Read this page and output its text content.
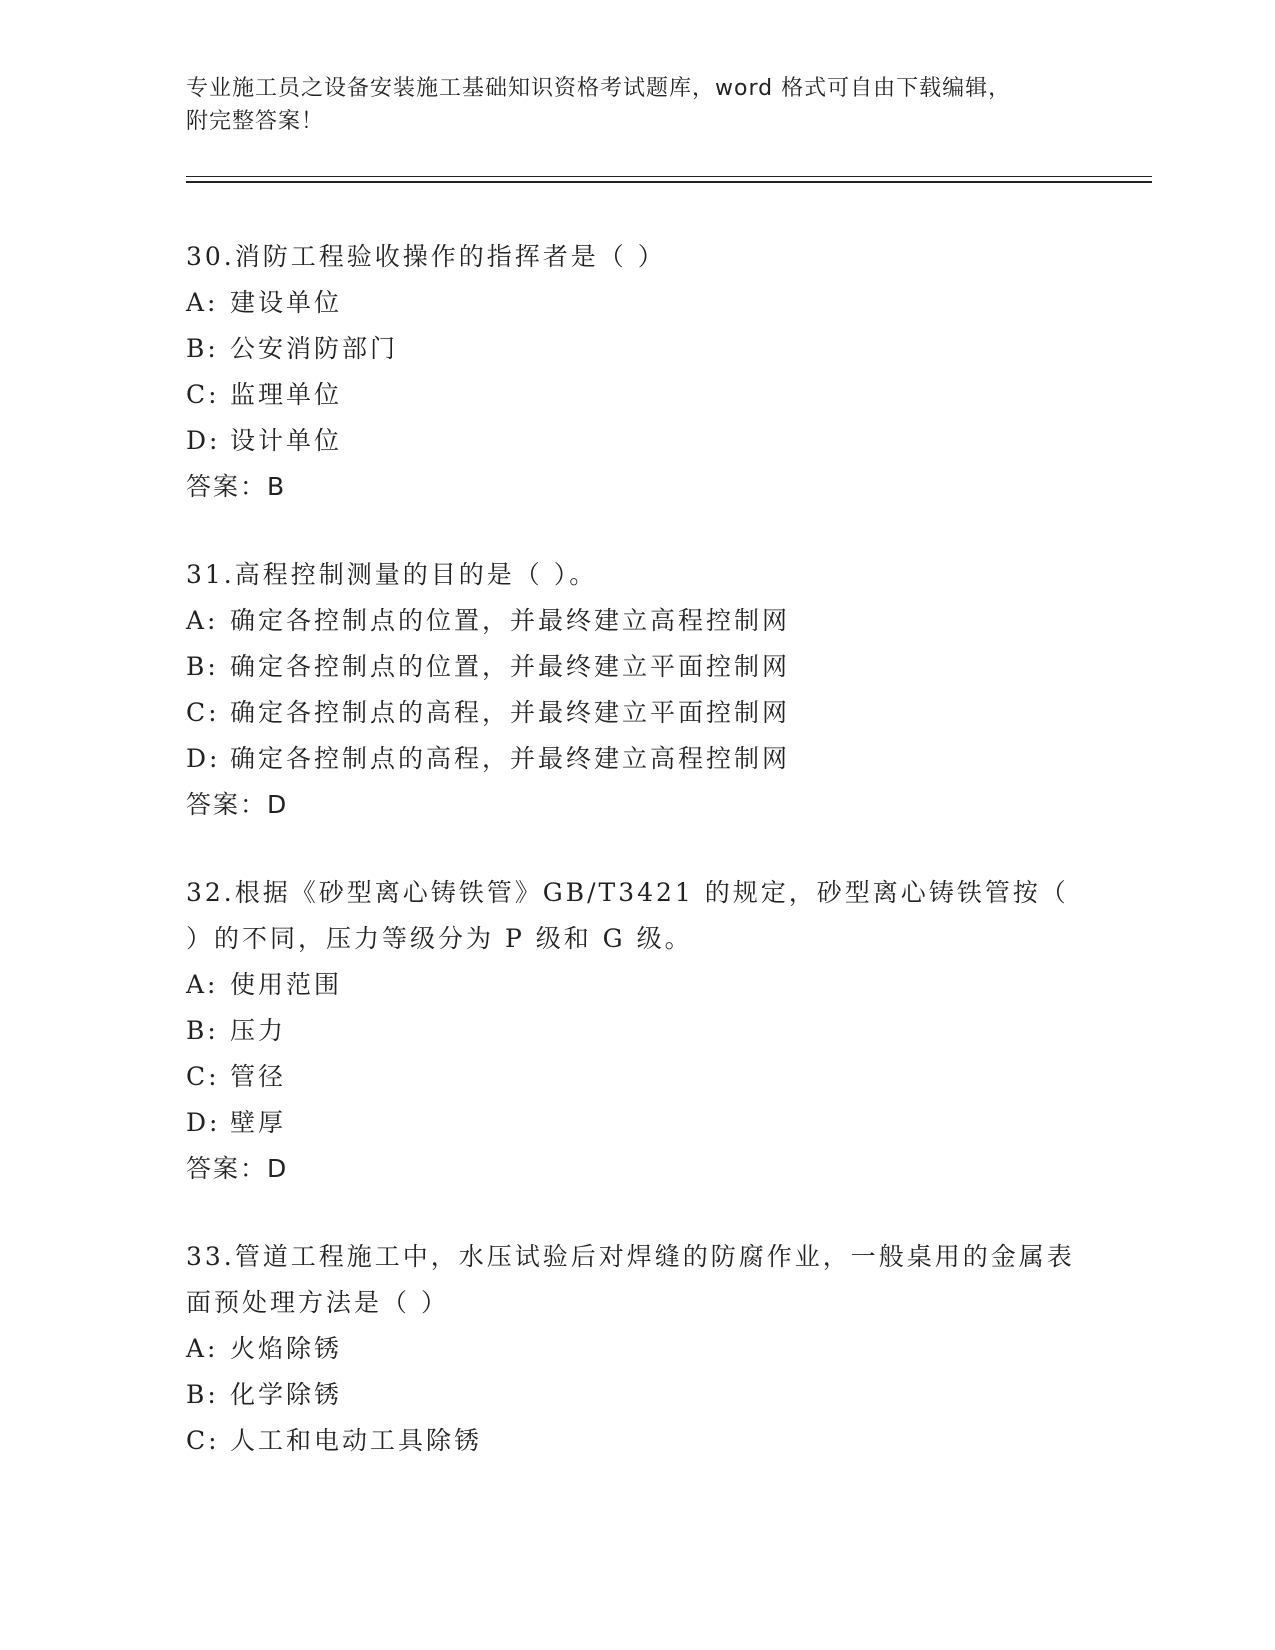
专业施工员之设备安装施工基础知识资格考试题库，word 格式可自由下载编辑，
附完整答案！

30.消防工程验收操作的指挥者是（ ）

A: 建设单位
B: 公安消防部门
C: 监理单位
D: 设计单位

答案：B

31.高程控制测量的目的是（ ）。

A: 确定各控制点的位置，并最终建立高程控制网
B: 确定各控制点的位置，并最终建立平面控制网
C: 确定各控制点的高程，并最终建立平面控制网
D: 确定各控制点的高程，并最终建立高程控制网

答案：D

32.根据《砂型离心铸铁管》GB/T3421 的规定，砂型离心铸铁管按（ ）的不同，压力等级分为 P 级和 G 级。

A: 使用范围
B: 压力
C: 管径
D: 壁厚

答案：D

33.管道工程施工中，水压试验后对焊缝的防腐作业，一般桌用的金属表面预处理方法是（ ）

A: 火焰除锈
B: 化学除锈
C: 人工和电动工具除锈
